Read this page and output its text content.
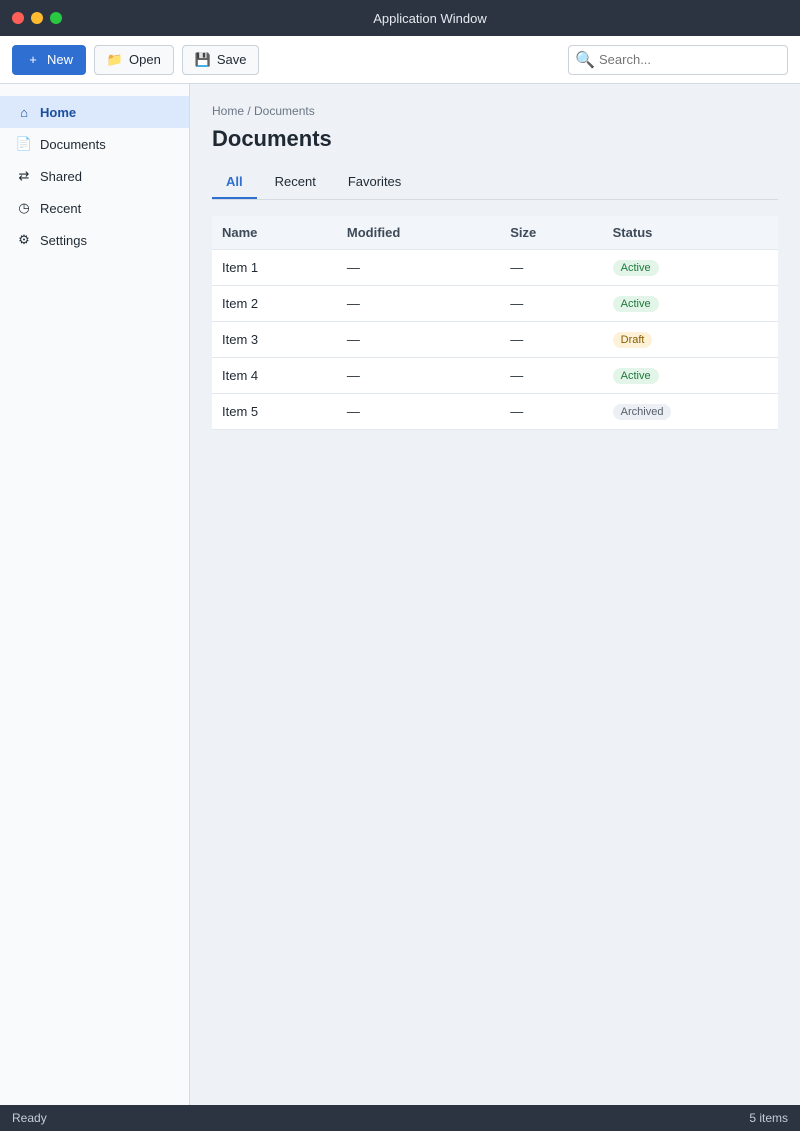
Application Window
+ New	📁 Open	💾 Save	🔍
Search...
⌂ Home
📄 Documents
⇄ Shared
◷ Recent
⚙ Settings
Home / Documents
Documents
All	Recent	Favorites
Name	Modified	Size	Status
Item 1	—	—	Active
Item 2	—	—	Active
Item 3	—	—	Draft
Item 4	—	—	Active
Item 5	—	—	Archived
Ready	5 items
